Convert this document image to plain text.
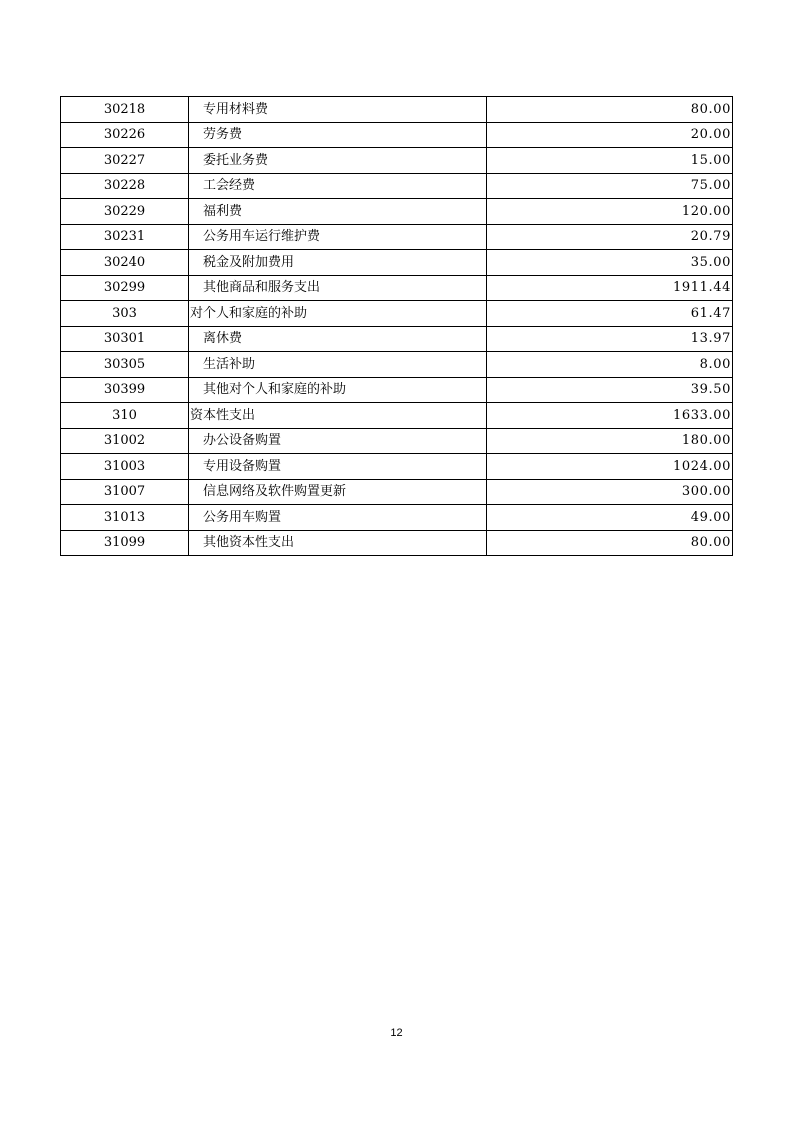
30218	专用材料费	80.00
30226	劳务费	20.00
30227	委托业务费	15.00
30228	工会经费	75.00
30229	福利费	120.00
30231	公务用车运行维护费	20.79
30240	税金及附加费用	35.00
30299	其他商品和服务支出	1911.44
303	对个人和家庭的补助	61.47
30301	离休费	13.97
30305	生活补助	8.00
30399	其他对个人和家庭的补助	39.50
310	资本性支出	1633.00
31002	办公设备购置	180.00
31003	专用设备购置	1024.00
31007	信息网络及软件购置更新	300.00
31013	公务用车购置	49.00
31099	其他资本性支出	80.00
12
